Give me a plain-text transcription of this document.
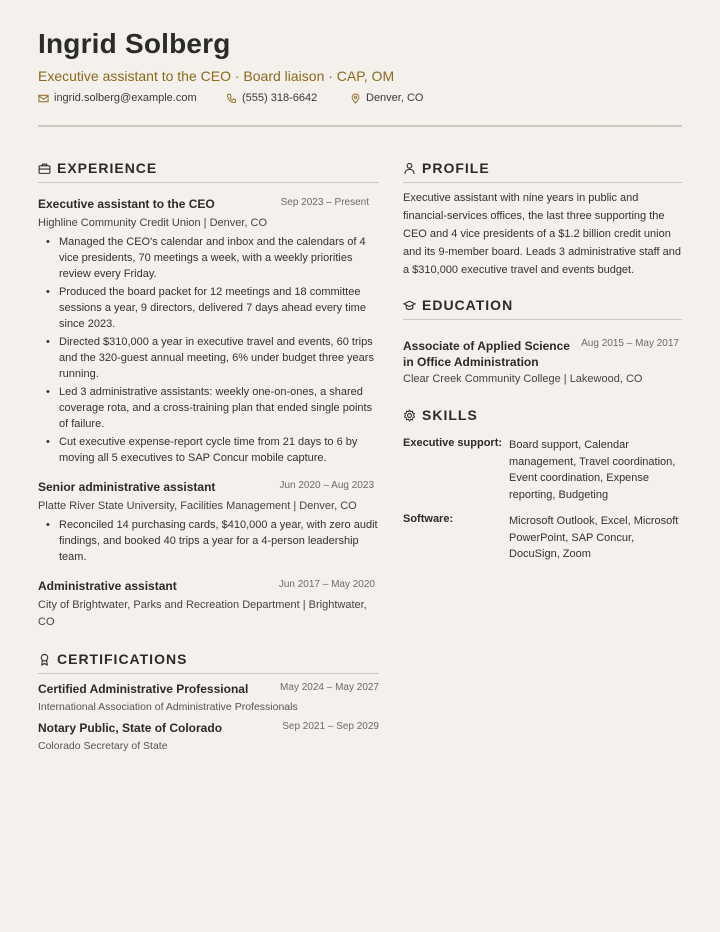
Ingrid Solberg
Executive assistant to the CEO · Board liaison · CAP, OM
ingrid.solberg@example.com	(555) 318-6642	Denver, CO
EXPERIENCE
Executive assistant to the CEO	Sep 2023 – Present
Highline Community Credit Union | Denver, CO
• Managed the CEO's calendar and inbox and the calendars of 4 vice presidents, 70 meetings a week, with a weekly priorities review every Friday.
• Produced the board packet for 12 meetings and 18 committee sessions a year, 9 directors, delivered 7 days ahead every time since 2023.
• Directed $310,000 a year in executive travel and events, 60 trips and the 320-guest annual meeting, 6% under budget three years running.
• Led 3 administrative assistants: weekly one-on-ones, a shared coverage rota, and a cross-training plan that ended single points of failure.
• Cut executive expense-report cycle time from 21 days to 6 by moving all 5 executives to SAP Concur mobile capture.
Senior administrative assistant	Jun 2020 – Aug 2023
Platte River State University, Facilities Management | Denver, CO
• Reconciled 14 purchasing cards, $410,000 a year, with zero audit findings, and booked 40 trips a year for a 4-person leadership team.
Administrative assistant	Jun 2017 – May 2020
City of Brightwater, Parks and Recreation Department | Brightwater, CO
CERTIFICATIONS
Certified Administrative Professional	May 2024 – May 2027
International Association of Administrative Professionals
Notary Public, State of Colorado	Sep 2021 – Sep 2029
Colorado Secretary of State
PROFILE
Executive assistant with nine years in public and financial-services offices, the last three supporting the CEO and 4 vice presidents of a $1.2 billion credit union and its 9-member board. Leads 3 administrative staff and a $310,000 executive travel and events budget.
EDUCATION
Associate of Applied Science in Office Administration
Aug 2015 – May 2017
Clear Creek Community College | Lakewood, CO
SKILLS
Executive support: Board support, Calendar management, Travel coordination, Event coordination, Expense reporting, Budgeting
Software:	Microsoft Outlook, Excel, Microsoft PowerPoint, SAP Concur, DocuSign, Zoom
